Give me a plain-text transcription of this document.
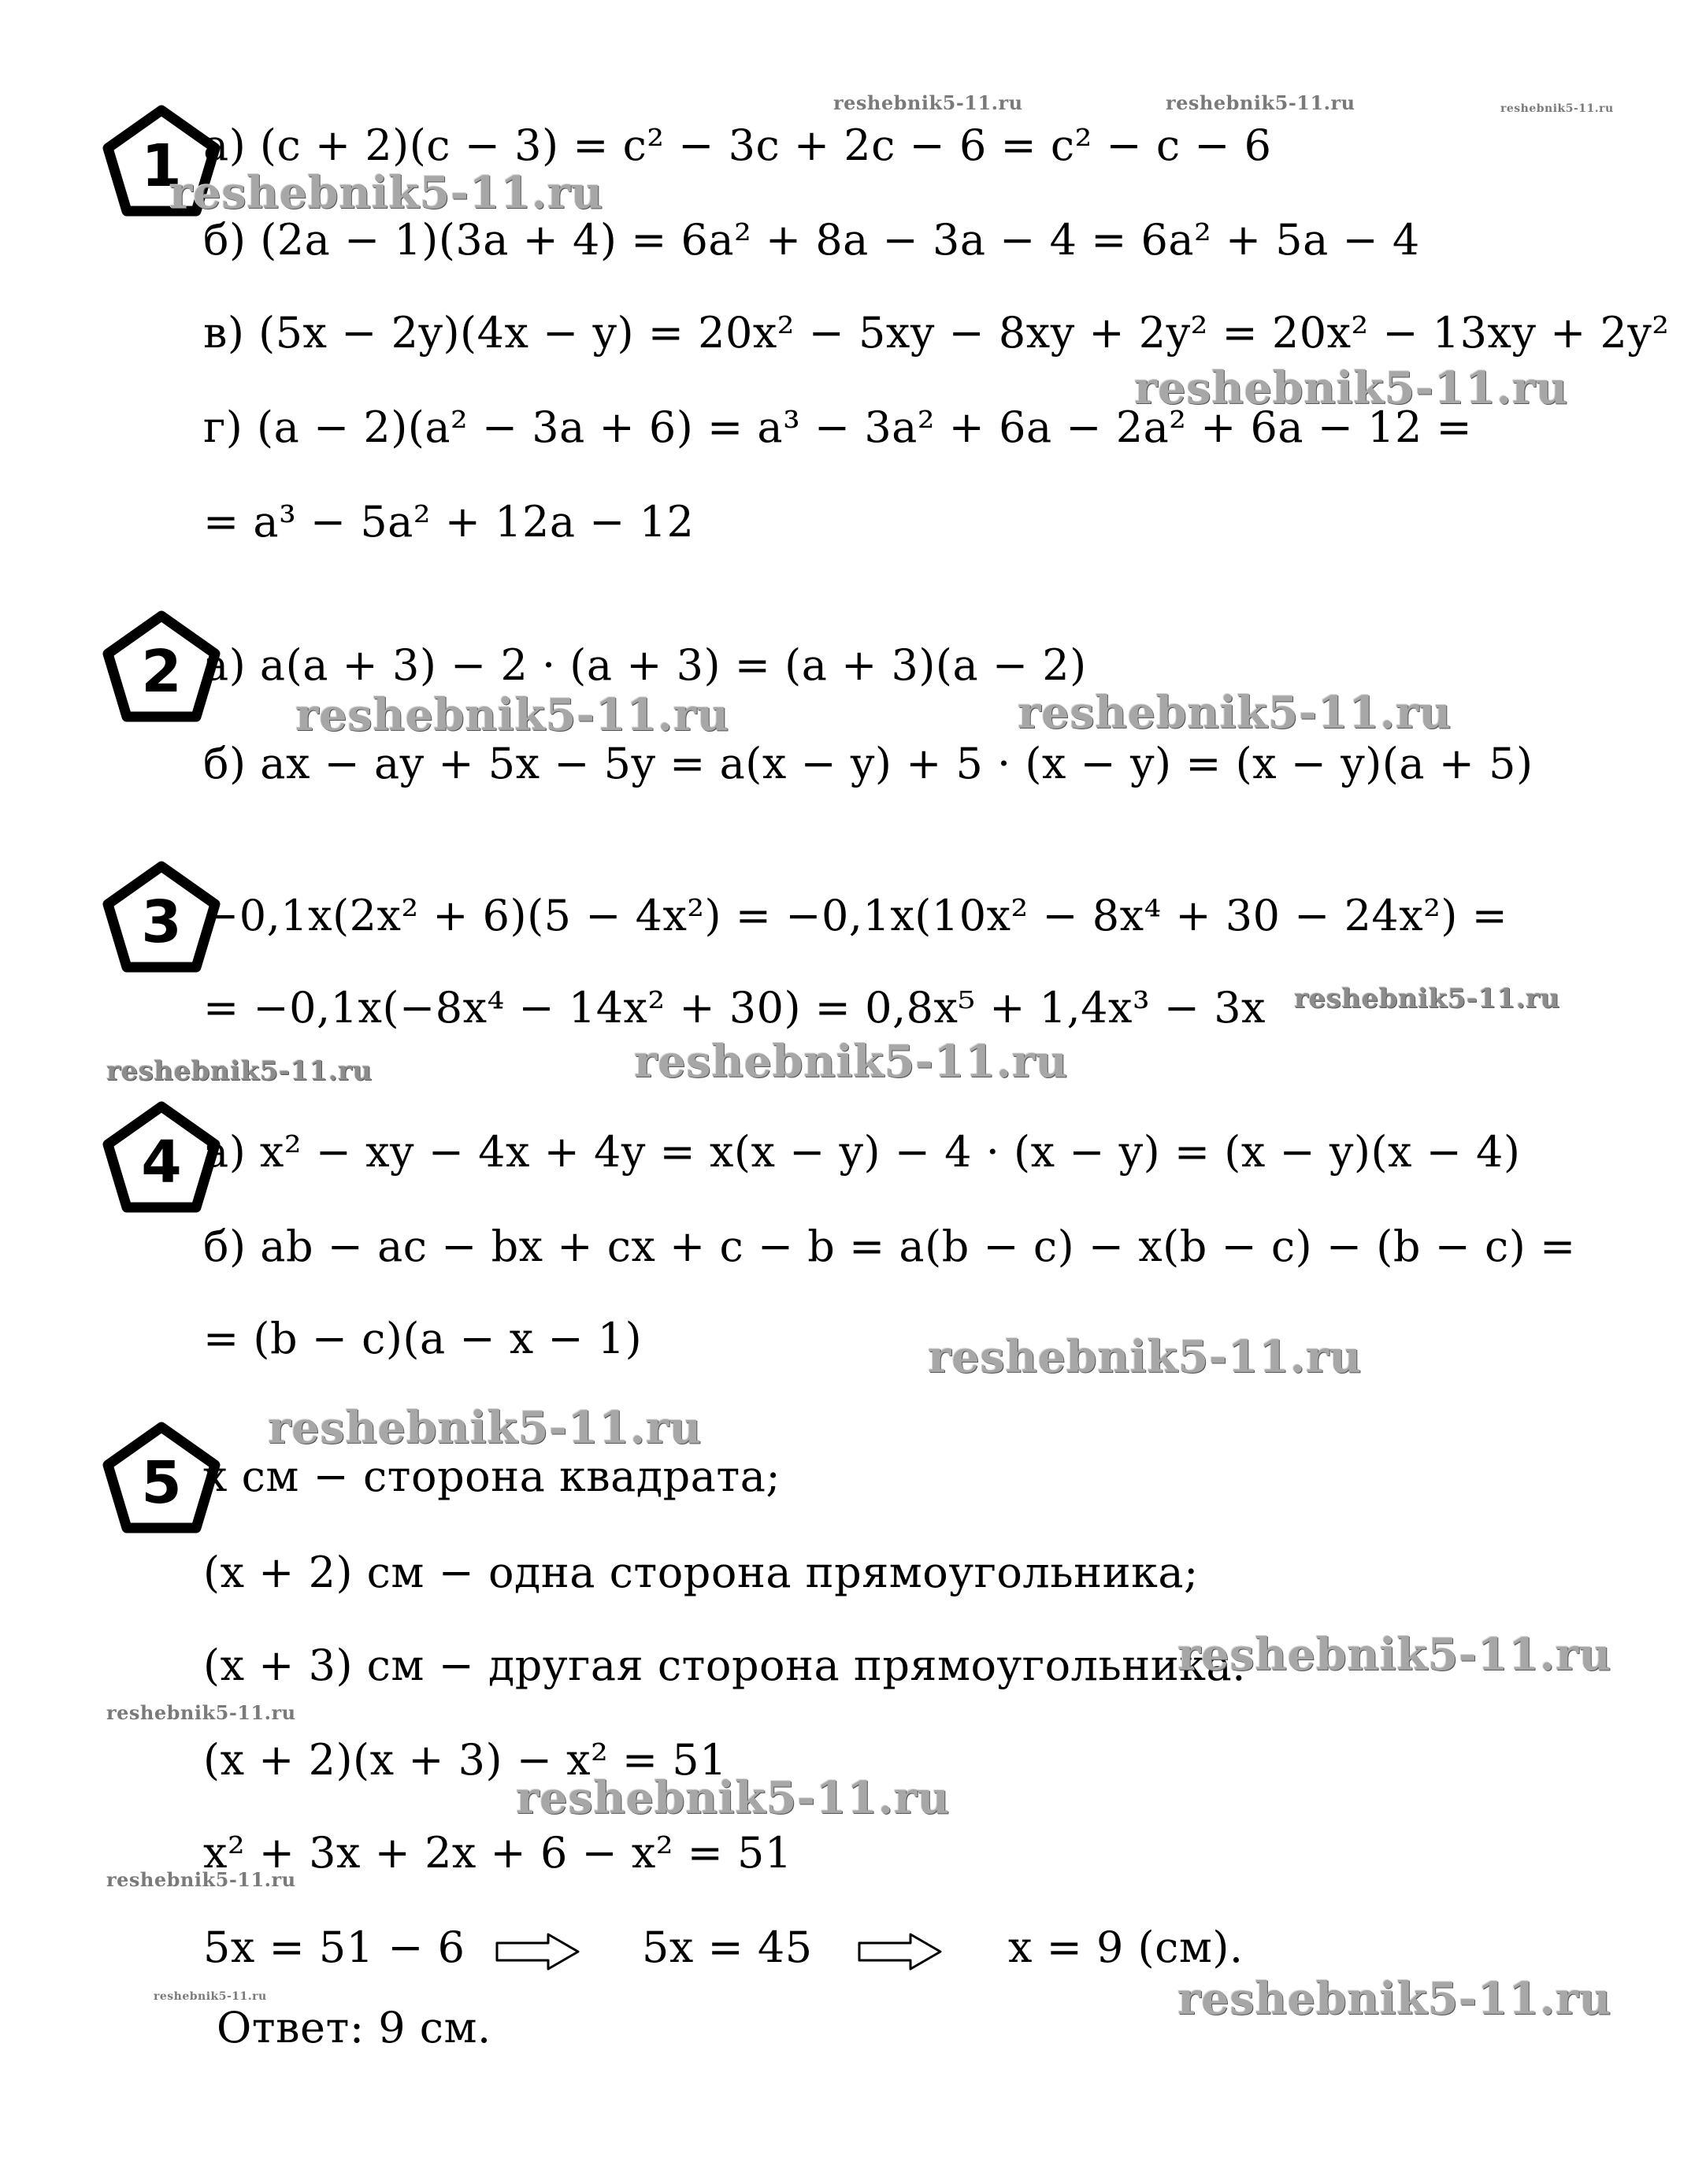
1 а) (c + 2)(c − 3) = c² − 3c + 2c − 6 = c² − c − 6
б) (2a − 1)(3a + 4) = 6a² + 8a − 3a − 4 = 6a² + 5a − 4
в) (5x − 2y)(4x − y) = 20x² − 5xy − 8xy + 2y² = 20x² − 13xy + 2y²
г) (a − 2)(a² − 3a + 6) = a³ − 3a² + 6a − 2a² + 6a − 12 =
= a³ − 5a² + 12a − 12
2 а) a(a + 3) − 2 · (a + 3) = (a + 3)(a − 2)
б) ax − ay + 5x − 5y = a(x − y) + 5 · (x − y) = (x − y)(a + 5)
3 −0,1x(2x² + 6)(5 − 4x²) = −0,1x(10x² − 8x⁴ + 30 − 24x²) =
= −0,1x(−8x⁴ − 14x² + 30) = 0,8x⁵ + 1,4x³ − 3x
4 а) x² − xy − 4x + 4y = x(x − y) − 4 · (x − y) = (x − y)(x − 4)
б) ab − ac − bx + cx + c − b = a(b − c) − x(b − c) − (b − c) =
= (b − c)(a − x − 1)
5 x см − сторона квадрата;
(x + 2) см − одна сторона прямоугольника;
(x + 3) см − другая сторона прямоугольника.
(x + 2)(x + 3) − x² = 51
x² + 3x + 2x + 6 − x² = 51
5x = 51 − 6	5x = 45	x = 9 (см).
Ответ: 9 см.
reshebnik5-11.ru	reshebnik5-11.ru	reshebnik5-11.ru
reshebnik5-11.ru
reshebnik5-11.ru
reshebnik5-11.ru	reshebnik5-11.ru
reshebnik5-11.ru
reshebnik5-11.ru	reshebnik5-11.ru
reshebnik5-11.ru
reshebnik5-11.ru
reshebnik5-11.ru
reshebnik5-11.ru
reshebnik5-11.ru
reshebnik5-11.ru
reshebnik5-11.ru	reshebnik5-11.ru
